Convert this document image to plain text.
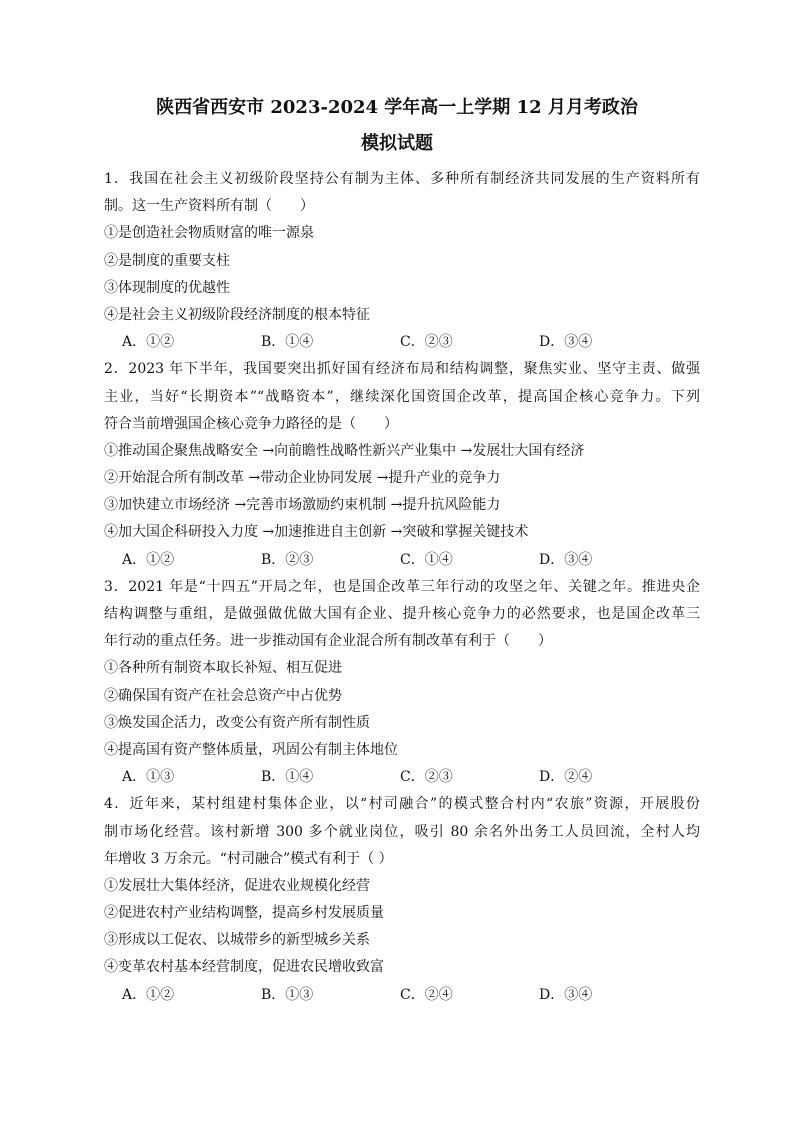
陕西省西安市 2023-2024 学年高一上学期 12 月月考政治
模拟试题
1．我国在社会主义初级阶段坚持公有制为主体、多种所有制经济共同发展的生产资料所有
制。这一生产资料所有制（　　）
①是创造社会物质财富的唯一源泉
②是制度的重要支柱
③体现制度的优越性
④是社会主义初级阶段经济制度的根本特征
A．①②	B．①④	C．②③	D．③④
2．2023 年下半年，我国要突出抓好国有经济布局和结构调整，聚焦实业、坚守主责、做强
主业，当好“长期资本”“战略资本”，继续深化国资国企改革，提高国企核心竞争力。下列
符合当前增强国企核心竞争力路径的是（　　）
①推动国企聚焦战略安全 →向前瞻性战略性新兴产业集中 →发展壮大国有经济
②开始混合所有制改革 →带动企业协同发展 →提升产业的竞争力
③加快建立市场经济 →完善市场激励约束机制 →提升抗风险能力
④加大国企科研投入力度 →加速推进自主创新 →突破和掌握关键技术
A．①②	B．②③	C．①④	D．③④
3．2021 年是“十四五”开局之年，也是国企改革三年行动的攻坚之年、关键之年。推进央企
结构调整与重组，是做强做优做大国有企业、提升核心竞争力的必然要求，也是国企改革三
年行动的重点任务。进一步推动国有企业混合所有制改革有利于（　　）
①各种所有制资本取长补短、相互促进
②确保国有资产在社会总资产中占优势
③焕发国企活力，改变公有资产所有制性质
④提高国有资产整体质量，巩固公有制主体地位
A．①③	B．①④	C．②③	D．②④
4．近年来，某村组建村集体企业，以“村司融合”的模式整合村内“农旅”资源，开展股份
制市场化经营。该村新增 300 多个就业岗位，吸引 80 余名外出务工人员回流，全村人均
年增收 3 万余元。“村司融合”模式有利于（ ）
①发展壮大集体经济，促进农业规模化经营
②促进农村产业结构调整，提高乡村发展质量
③形成以工促农、以城带乡的新型城乡关系
④变革农村基本经营制度，促进农民增收致富
A．①②	B．①③	C．②④	D．③④
